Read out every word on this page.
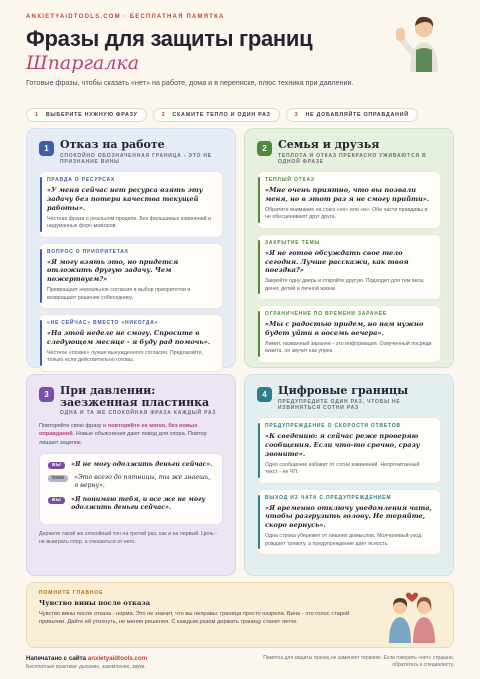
ANXIETYAIDTOOLS.COM · БЕСПЛАТНАЯ ПАМЯТКА
Фразы для защиты границ
Шпаргалка
Готовые фразы, чтобы сказать «нет» на работе, дома и в переписке, плюс техника при давлении.
1 ВЫБЕРИТЕ НУЖНУЮ ФРАЗУ	2 СКАЖИТЕ ТЕПЛО И ОДИН РАЗ	3 НЕ ДОБАВЛЯЙТЕ ОПРАВДАНИЙ
1	Отказ на работе
СПОКОЙНО ОБОЗНАЧЕННАЯ ГРАНИЦА - ЭТО НЕ ПРИЗНАНИЕ ВИНЫ
ПРАВДА О РЕСУРСАХ
«У меня сейчас нет ресурса взять эту задачу без потери качества текущей работы».
Честная фраза о реальном пределе. Без фальшивых извинений и надуманных форс-мажоров.
ВОПРОС О ПРИОРИТЕТАХ
«Я могу взять это, но придется отложить другую задачу. Чем пожертвуем?»
Превращает нереальное согласие в выбор приоритетов и возвращает решение собеседнику.
«НЕ СЕЙЧАС» ВМЕСТО «НИКОГДА»
«На этой неделе не смогу. Спросите в следующем месяце - я буду рад помочь».
Честное «позже» лучше вынужденного согласия. Предлагайте, только если действительно готовы.
2	Семья и друзья
ТЕПЛОТА И ОТКАЗ ПРЕКРАСНО УЖИВАЮТСЯ В ОДНОЙ ФРАЗЕ
ТЕПЛЫЙ ОТКАЗ
«Мне очень приятно, что вы позвали меня, но в этот раз я не смогу прийти».
Обратите внимание на союз «но» или «и». Обе части правдивы и не обесценивают друг друга.
ЗАКРЫТИЕ ТЕМЫ
«Я не готов обсуждать свое тело сегодня. Лучше расскажи, как твоя поездка?»
Закройте одну дверь и откройте другую. Подходит для тем веса, денег, детей и личной жизни.
ОГРАНИЧЕНИЕ ПО ВРЕМЕНИ ЗАРАНЕЕ
«Мы с радостью придем, но нам нужно будет уйти в восемь вечера».
Лимит, названный заранее - это информация. Озвученный посреди визита, он звучит как упрек.
3	При давлении: заезженная пластинка
ОДНА И ТА ЖЕ СПОКОЙНАЯ ФРАЗА КАЖДЫЙ РАЗ
Повторяйте свою фразу и повторяйте ее мягко, без новых оправданий. Новые объяснения дают повод для спора. Повтор лишает зацепок.
ВЫ	«Я не могу одолжить деньги сейчас».
ОНИ	«Это всего до пятницы, ты же знаешь, я верну».
ВЫ	«Я понимаю тебя, и все же не могу одолжить деньги сейчас».
Держите такой же спокойный тон на третий раз, как и на первый. Цель - не выиграть спор, а отказаться от него.
4	Цифровые границы
ПРЕДУПРЕДИТЕ ОДИН РАЗ, ЧТОБЫ НЕ ИЗВИНЯТЬСЯ СОТНИ РАЗ
ПРЕДУПРЕЖДЕНИЕ О СКОРОСТИ ОТВЕТОВ
«К сведению: я сейчас реже проверяю сообщения. Если что-то срочно, сразу звоните».
Одно сообщение избавит от сотни извинений. Непрочитанный текст - не ЧП.
ВЫХОД ИЗ ЧАТА С ПРЕДУПРЕЖДЕНИЕМ
«Я временно отключу уведомления чата, чтобы разгрузить голову. Не теряйте, скоро вернусь».
Одна строка убережет от лишних домыслов. Молчаливый уход рождает тревогу, а предупреждение дает ясность.
ПОМНИТЕ ГЛАВНОЕ
Чувство вины после отказа
Чувство вины после отказа - норма. Это не значит, что вы неправы: граница просто назрела. Вина - это голос старой привычки. Дайте ей утихнуть, не меняя решения. С каждым разом держать границу станет легче.
Напечатано с сайта anxietyaidtools.com
Бесплатные практики: дыхание, заземление, звуки.
Памятка для защиты границ не заменяет терапию. Если говорить «нет» страшно, обратитесь к специалисту.
